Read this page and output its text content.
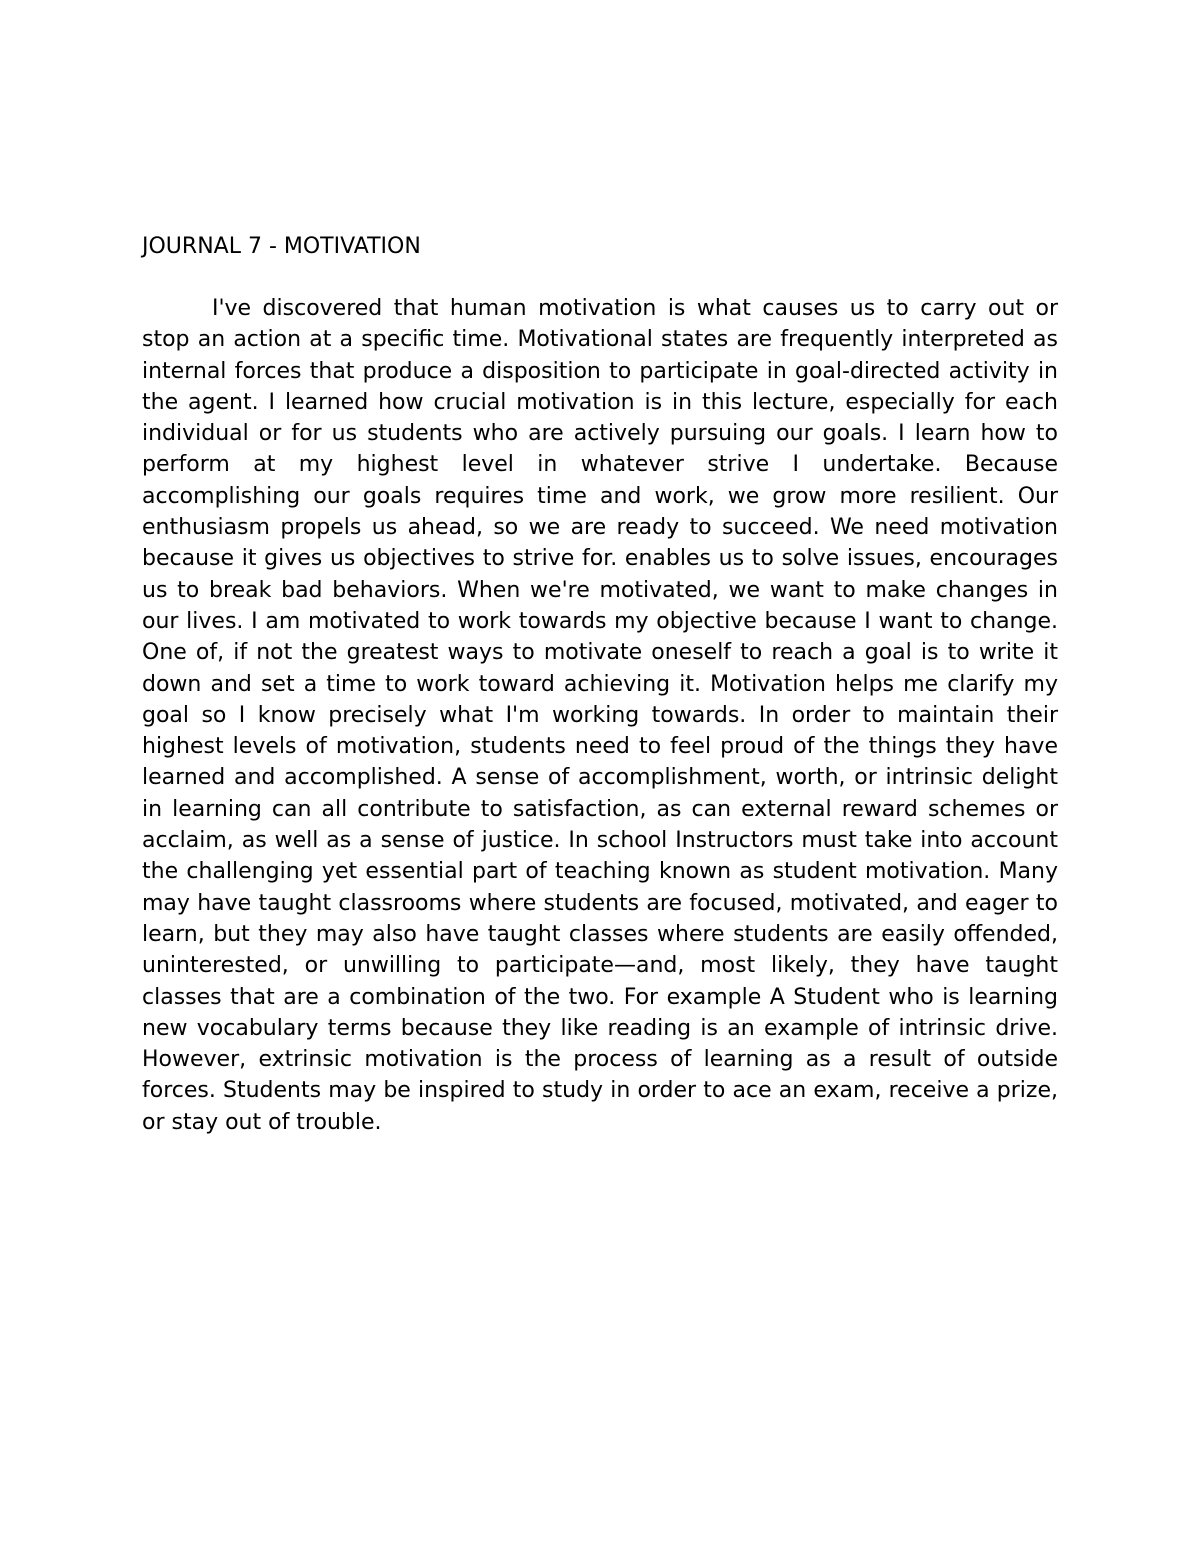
JOURNAL 7 - MOTIVATION

I've discovered that human motivation is what causes us to carry out or stop an action at a specific time. Motivational states are frequently interpreted as internal forces that produce a disposition to participate in goal-directed activity in the agent. I learned how crucial motivation is in this lecture, especially for each individual or for us students who are actively pursuing our goals. I learn how to perform at my highest level in whatever strive I undertake. Because accomplishing our goals requires time and work, we grow more resilient. Our enthusiasm propels us ahead, so we are ready to succeed. We need motivation because it gives us objectives to strive for. enables us to solve issues, encourages us to break bad behaviors. When we're motivated, we want to make changes in our lives. I am motivated to work towards my objective because I want to change. One of, if not the greatest ways to motivate oneself to reach a goal is to write it down and set a time to work toward achieving it. Motivation helps me clarify my goal so I know precisely what I'm working towards. In order to maintain their highest levels of motivation, students need to feel proud of the things they have learned and accomplished. A sense of accomplishment, worth, or intrinsic delight in learning can all contribute to satisfaction, as can external reward schemes or acclaim, as well as a sense of justice. In school Instructors must take into account the challenging yet essential part of teaching known as student motivation. Many may have taught classrooms where students are focused, motivated, and eager to learn, but they may also have taught classes where students are easily offended, uninterested, or unwilling to participate—and, most likely, they have taught classes that are a combination of the two. For example A Student who is learning new vocabulary terms because they like reading is an example of intrinsic drive. However, extrinsic motivation is the process of learning as a result of outside forces. Students may be inspired to study in order to ace an exam, receive a prize, or stay out of trouble.
